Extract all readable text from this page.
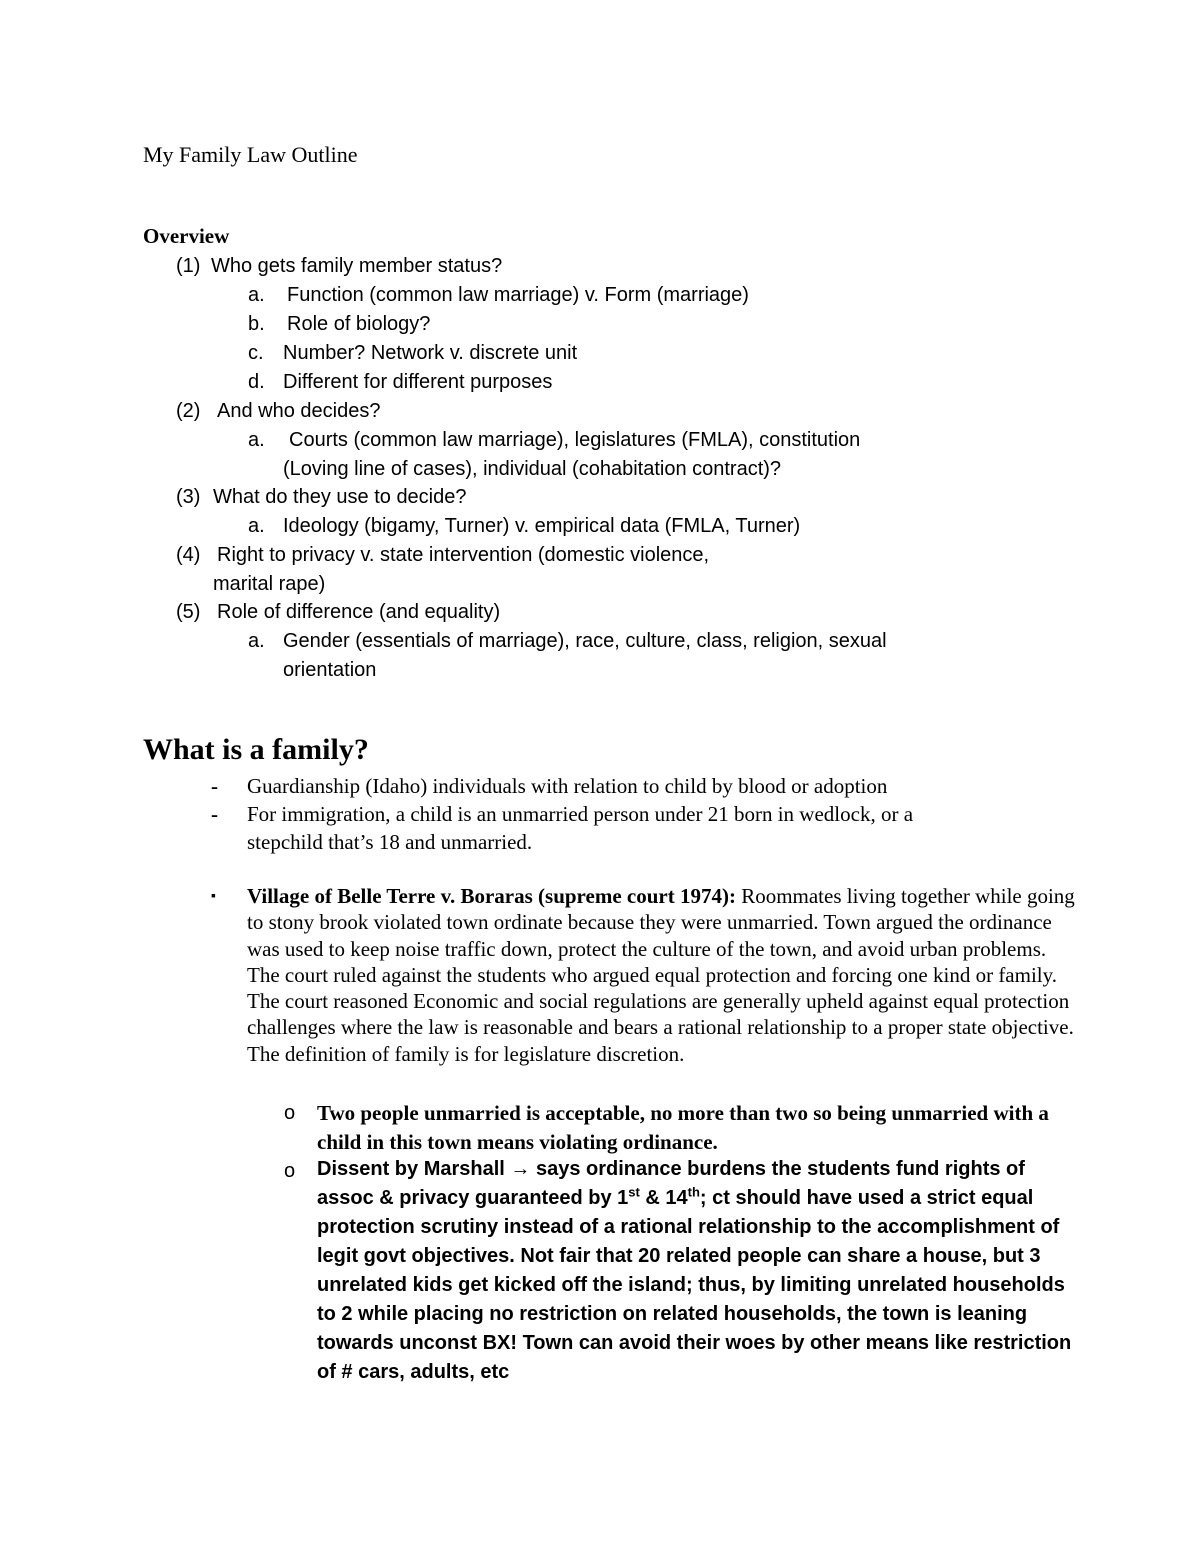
My Family Law Outline
Overview
(1) Who gets family member status?
a. Function (common law marriage) v. Form (marriage)
b. Role of biology?
c. Number? Network v. discrete unit
d. Different for different purposes
(2) And who decides?
a. Courts (common law marriage), legislatures (FMLA), constitution
(Loving line of cases), individual (cohabitation contract)?
(3) What do they use to decide?
a. Ideology (bigamy, Turner) v. empirical data (FMLA, Turner)
(4) Right to privacy v. state intervention (domestic violence,
marital rape)
(5) Role of difference (and equality)
a. Gender (essentials of marriage), race, culture, class, religion, sexual
orientation
What is a family?
- Guardianship (Idaho) individuals with relation to child by blood or adoption
- For immigration, a child is an unmarried person under 21 born in wedlock, or a
stepchild that’s 18 and unmarried.
▪ Village of Belle Terre v. Boraras (supreme court 1974): Roommates living together while going to stony brook violated town ordinate because they were unmarried. Town argued the ordinance was used to keep noise traffic down, protect the culture of the town, and avoid urban problems. The court ruled against the students who argued equal protection and forcing one kind or family. The court reasoned Economic and social regulations are generally upheld against equal protection challenges where the law is reasonable and bears a rational relationship to a proper state objective. The definition of family is for legislature discretion.
o Two people unmarried is acceptable, no more than two so being unmarried with a child in this town means violating ordinance.
o Dissent by Marshall → says ordinance burdens the students fund rights of assoc & privacy guaranteed by 1st & 14th; ct should have used a strict equal protection scrutiny instead of a rational relationship to the accomplishment of legit govt objectives. Not fair that 20 related people can share a house, but 3 unrelated kids get kicked off the island; thus, by limiting unrelated households to 2 while placing no restriction on related households, the town is leaning towards unconst BX! Town can avoid their woes by other means like restriction of # cars, adults, etc
